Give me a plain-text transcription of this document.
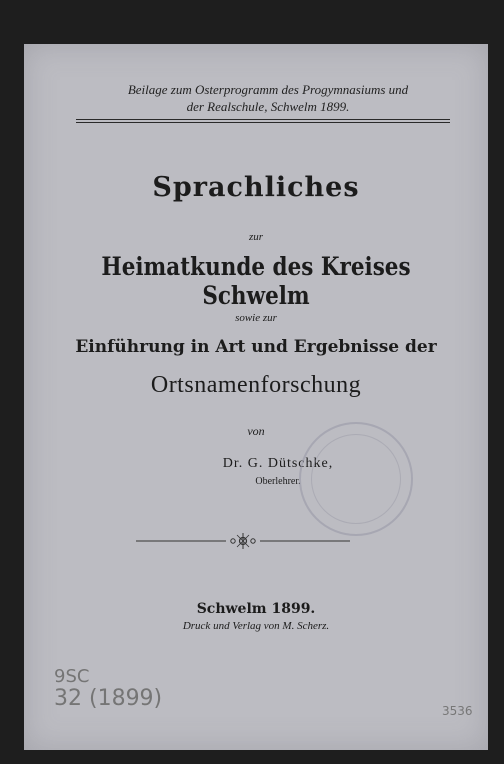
Beilage zum Osterprogramm des Progymnasiums und
der Realschule, Schwelm 1899.
Sprachliches
zur
Heimatkunde des Kreises Schwelm
sowie zur
Einführung in Art und Ergebnisse der
Ortsnamenforschung
von
Dr. G. Dütschke,
Oberlehrer.
Schwelm 1899.
Druck und Verlag von M. Scherz.
9SC
32 (1899)	3536
